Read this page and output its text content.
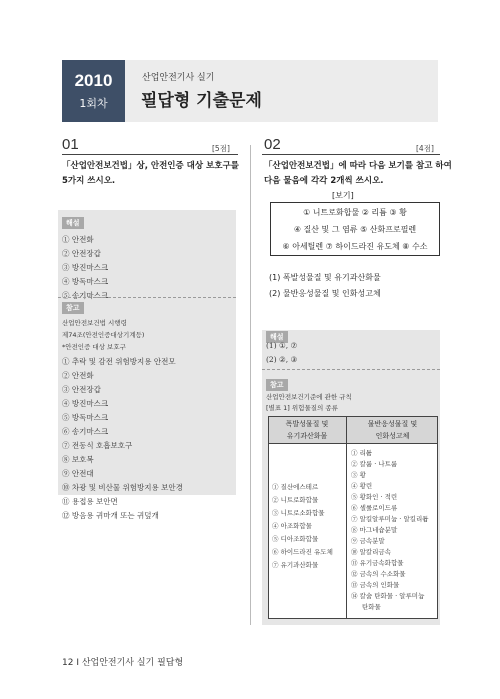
2010
1회차
산업안전기사 실기
필답형 기출문제
01	[5점]
「산업안전보건법」상, 안전인증 대상 보호구를
5가지 쓰시오.
해설
① 안전화
② 안전장갑
③ 방진마스크
④ 방독마스크
⑤ 송기마스크
참고
산업안전보건법 시행령
제74조(안전인증대상기계등)
*안전인증 대상 보호구
① 추락 및 감전 위험방지용 안전모
② 안전화
③ 안전장갑
④ 방진마스크
⑤ 방독마스크
⑥ 송기마스크
⑦ 전동식 호흡보호구
⑧ 보호복
⑨ 안전대
⑩ 차광 및 비산물 위험방지용 보안경
⑪ 용접용 보안면
⑫ 방음용 귀마개 또는 귀덮개
02	[4점]
「산업안전보건법」에 따라 다음 보기를 참고 하여
다음 물음에 각각 2개씩 쓰시오.
[보기]
① 니트로화합물 ② 리튬 ③ 황
④ 질산 및 그 염류 ⑤ 산화프로필렌
⑥ 아세틸렌 ⑦ 하이드라진 유도체 ⑧ 수소
(1) 폭발성물질 및 유기과산화물
(2) 물반응성물질 및 인화성고체
해설
(1) ①, ⑦
(2) ②, ③
참고
산업안전보건기준에 관한 규칙
[별표 1] 위험물질의 종류
폭발성물질 및
유기과산화물
물반응성물질 및
인화성고체
① 질산에스테르
② 니트로화합물
③ 니트로소화합물
④ 아조화합물
⑤ 디아조화합물
⑥ 하이드라진 유도체
⑦ 유기과산화물
① 리튬
② 칼륨 · 나트륨
③ 황
④ 황린
⑤ 황화인 · 적린
⑥ 셀룰로이드류
⑦ 알킬알루미늄 · 알킬리튬
⑧ 마그네슘분말
⑨ 금속분말
⑩ 알칼리금속
⑪ 유기금속화합물
⑫ 금속의 수소화물
⑬ 금속의 인화물
⑭ 칼슘 탄화물 · 알루미늄
탄화물
12 I 산업안전기사 실기 필답형
